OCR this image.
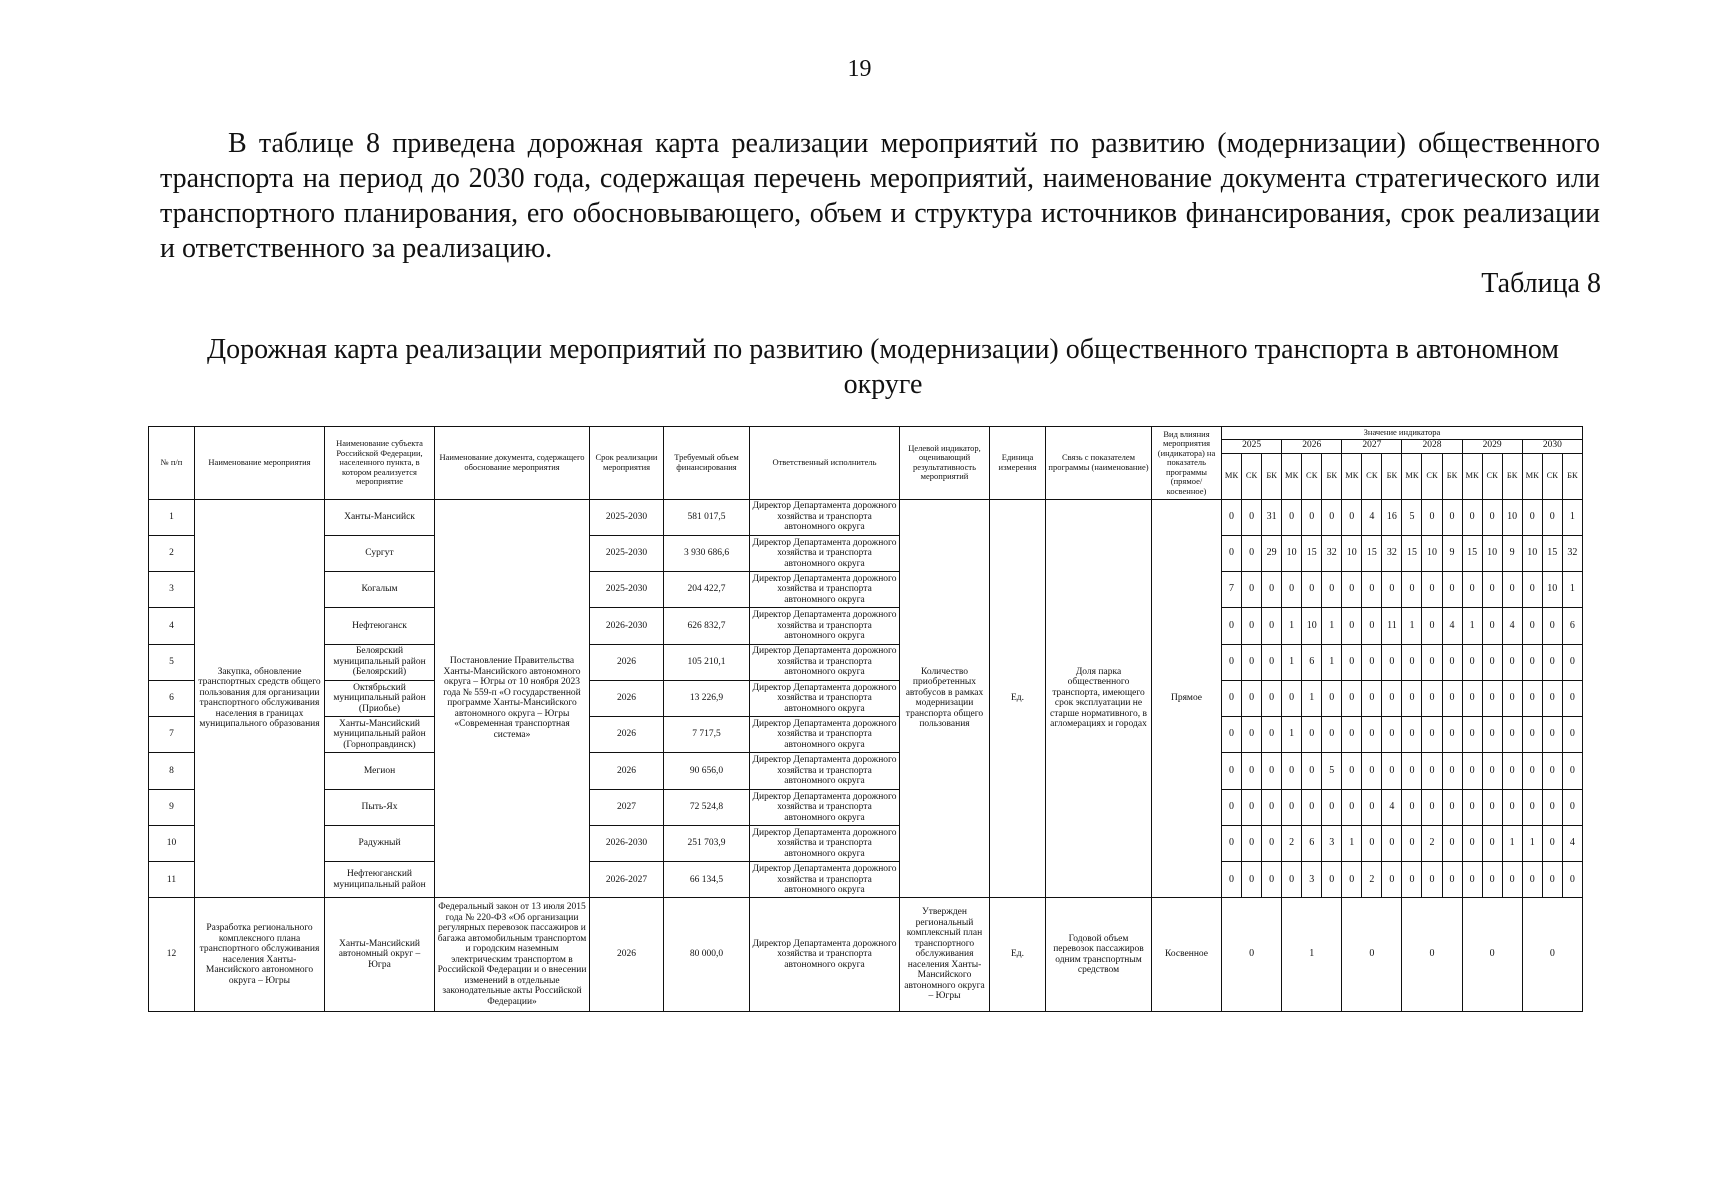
19

В таблице 8 приведена дорожная карта реализации мероприятий по развитию (модернизации) общественного транспорта на период до 2030 года, содержащая перечень мероприятий, наименование документа стратегического или транспортного планирования, его обосновывающего, объем и структура источников финансирования, срок реализации и ответственного за реализацию.

Таблица 8
Дорожная карта реализации мероприятий по развитию (модернизации) общественного транспорта в автономном округе
№ п/п	Наименование мероприятия	Наименование субъекта Российской Федерации, населенного пункта, в котором реализуется мероприятие	Наименование документа, содержащего обоснование мероприятия	Срок реализации мероприятия	Требуемый объем финансирования	Ответственный исполнитель	Целевой индикатор, оценивающий результативность мероприятий	Единица измерения	Связь с показателем программы (наименование)	Вид влияния мероприятия (индикатора) на показатель программы (прямое/ косвенное)	Значение индикатора																	
											2025			2026			2027			2028			2029			2030		
											МК	СК	БК	МК	СК	БК	МК	СК	БК	МК	СК	БК	МК	СК	БК	МК	СК	БК
1	Закупка, обновление транспортных средств общего пользования для организации транспортного обслуживания населения в границах муниципального образования	Ханты-Мансийск	Постановление Правительства Ханты-Мансийского автономного округа – Югры от 10 ноября 2023 года № 559-п «О государственной программе Ханты-Мансийского автономного округа – Югры «Современная транспортная система»	2025-2030	581 017,5	Директор Департамента дорожного хозяйства и транспорта автономного округа	Количество приобретенных автобусов в рамках модернизации транспорта общего пользования	Ед.	Доля парка общественного транспорта, имеющего срок эксплуатации не старше нормативного, в агломерациях и городах	Прямое	0	0	31	0	0	0	0	4	16	5	0	0	0	0	10	0	0	1
2		Сургут		2025-2030	3 930 686,6	Директор Департамента дорожного хозяйства и транспорта автономного округа					0	0	29	10	15	32	10	15	32	15	10	9	15	10	9	10	15	32
3		Когалым		2025-2030	204 422,7	Директор Департамента дорожного хозяйства и транспорта автономного округа					7	0	0	0	0	0	0	0	0	0	0	0	0	0	0	0	10	1
4		Нефтеюганск		2026-2030	626 832,7	Директор Департамента дорожного хозяйства и транспорта автономного округа					0	0	0	1	10	1	0	0	11	1	0	4	1	0	4	0	0	6
5		Белоярский муниципальный район (Белоярский)		2026	105 210,1	Директор Департамента дорожного хозяйства и транспорта автономного округа					0	0	0	1	6	1	0	0	0	0	0	0	0	0	0	0	0	0
6		Октябрьский муниципальный район (Приобье)		2026	13 226,9	Директор Департамента дорожного хозяйства и транспорта автономного округа					0	0	0	0	1	0	0	0	0	0	0	0	0	0	0	0	0	0
7		Ханты-Мансийский муниципальный район (Горноправдинск)		2026	7 717,5	Директор Департамента дорожного хозяйства и транспорта автономного округа					0	0	0	1	0	0	0	0	0	0	0	0	0	0	0	0	0	0
8		Мегион		2026	90 656,0	Директор Департамента дорожного хозяйства и транспорта автономного округа					0	0	0	0	0	5	0	0	0	0	0	0	0	0	0	0	0	0
9		Пыть-Ях		2027	72 524,8	Директор Департамента дорожного хозяйства и транспорта автономного округа					0	0	0	0	0	0	0	0	4	0	0	0	0	0	0	0	0	0
10		Радужный		2026-2030	251 703,9	Директор Департамента дорожного хозяйства и транспорта автономного округа					0	0	0	2	6	3	1	0	0	0	2	0	0	0	1	1	0	4
11		Нефтеюганский муниципальный район		2026-2027	66 134,5	Директор Департамента дорожного хозяйства и транспорта автономного округа					0	0	0	0	3	0	0	2	0	0	0	0	0	0	0	0	0	0
12	Разработка регионального комплексного плана транспортного обслуживания населения Ханты-Мансийского автономного округа – Югры	Ханты-Мансийский автономный округ – Югра	Федеральный закон от 13 июля 2015 года № 220-ФЗ «Об организации регулярных перевозок пассажиров и багажа автомобильным транспортом и городским наземным электрическим транспортом в Российской Федерации и о внесении изменений в отдельные законодательные акты Российской Федерации»	2026	80 000,0	Директор Департамента дорожного хозяйства и транспорта автономного округа	Утвержден региональный комплексный план транспортного обслуживания населения Ханты-Мансийского автономного округа – Югры	Ед.	Годовой объем перевозок пассажиров одним транспортным средством	Косвенное	0			1			0			0			0			0		
